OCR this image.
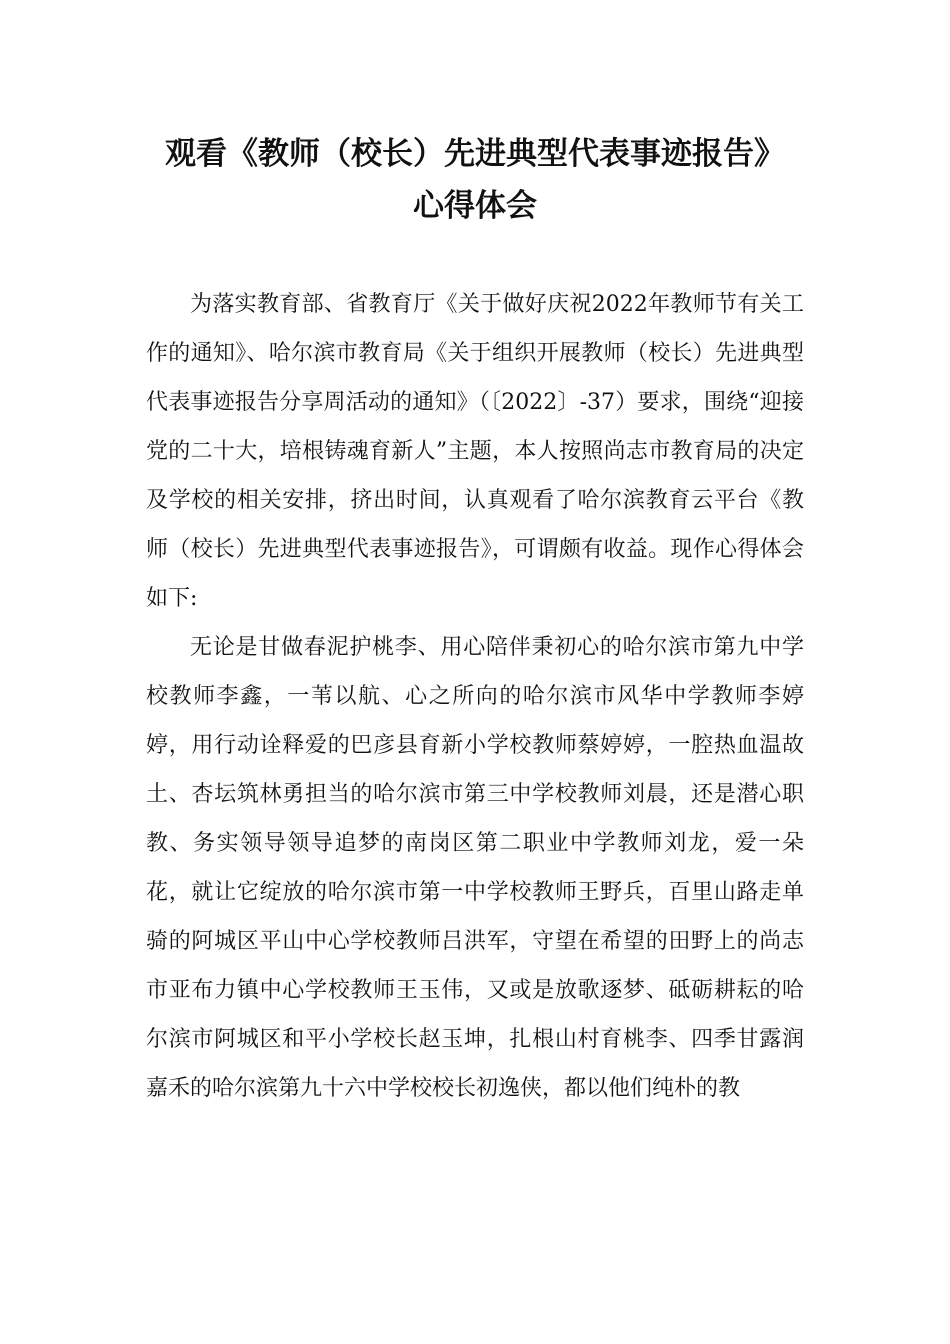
观看《教师（校长）先进典型代表事迹报告》
心得体会

为落实教育部、省教育厅《关于做好庆祝2022年教师节有关工作的通知》、哈尔滨市教育局《关于组织开展教师（校长）先进典型代表事迹报告分享周活动的通知》（〔2022〕-37）要求，围绕“迎接党的二十大，培根铸魂育新人”主题，本人按照尚志市教育局的决定及学校的相关安排，挤出时间，认真观看了哈尔滨教育云平台《教师（校长）先进典型代表事迹报告》，可谓颇有收益。现作心得体会如下:

无论是甘做春泥护桃李、用心陪伴秉初心的哈尔滨市第九中学校教师李鑫，一苇以航、心之所向的哈尔滨市风华中学教师李婷婷，用行动诠释爱的巴彦县育新小学校教师蔡婷婷，一腔热血温故土、杏坛筑林勇担当的哈尔滨市第三中学校教师刘晨，还是潜心职教、务实领导领导追梦的南岗区第二职业中学教师刘龙，爱一朵花，就让它绽放的哈尔滨市第一中学校教师王野兵，百里山路走单骑的阿城区平山中心学校教师吕洪军，守望在希望的田野上的尚志市亚布力镇中心学校教师王玉伟，又或是放歌逐梦、砥砺耕耘的哈尔滨市阿城区和平小学校长赵玉坤，扎根山村育桃李、四季甘露润嘉禾的哈尔滨第九十六中学校校长初逸侠，都以他们纯朴的教
